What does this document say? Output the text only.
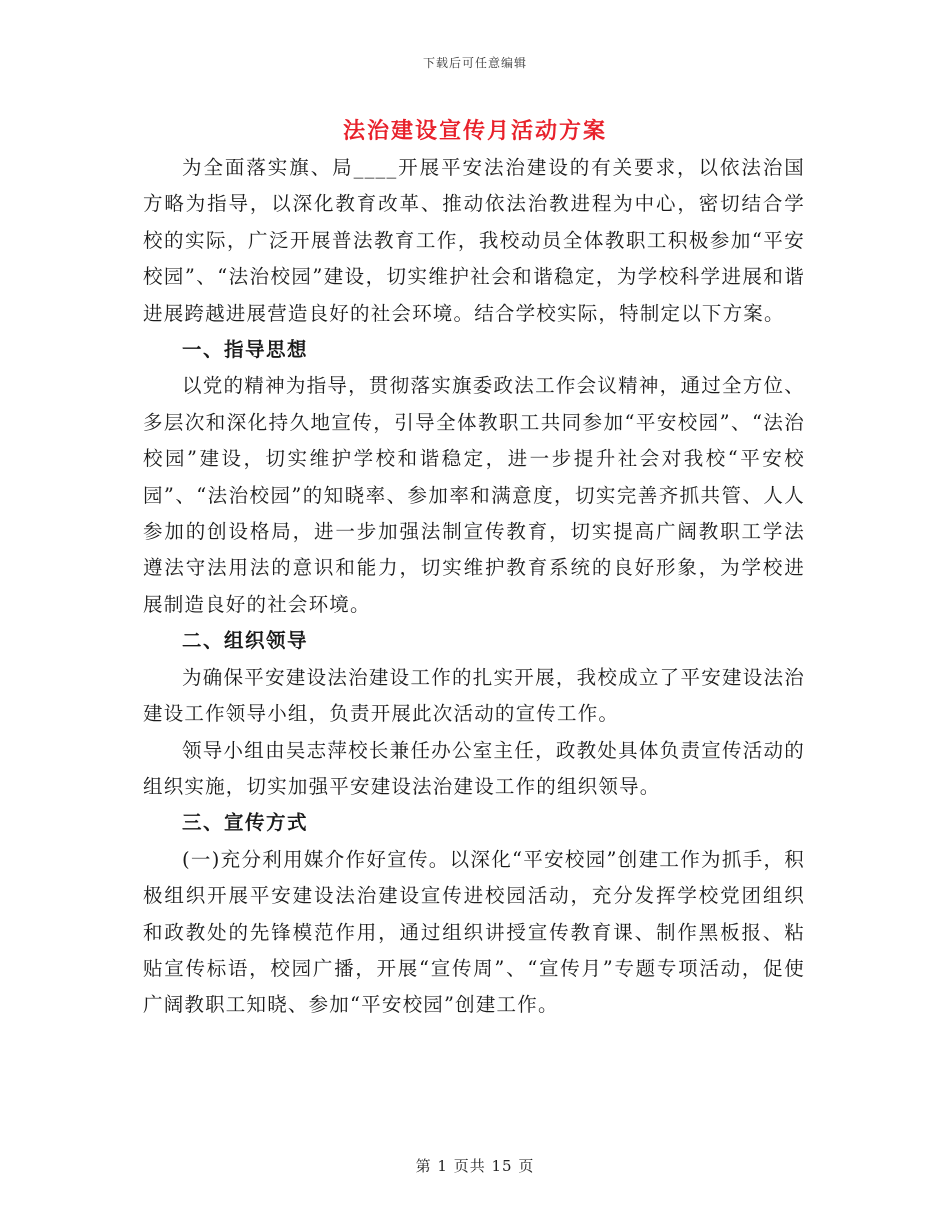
下载后可任意编辑
法治建设宣传月活动方案

为全面落实旗、局____开展平安法治建设的有关要求，以依法治国方略为指导，以深化教育改革、推动依法治教进程为中心，密切结合学校的实际，广泛开展普法教育工作，我校动员全体教职工积极参加“平安校园”、“法治校园”建设，切实维护社会和谐稳定，为学校科学进展和谐进展跨越进展营造良好的社会环境。结合学校实际，特制定以下方案。

一、指导思想

以党的精神为指导，贯彻落实旗委政法工作会议精神，通过全方位、多层次和深化持久地宣传，引导全体教职工共同参加“平安校园”、“法治校园”建设，切实维护学校和谐稳定，进一步提升社会对我校“平安校园”、“法治校园”的知晓率、参加率和满意度，切实完善齐抓共管、人人参加的创设格局，进一步加强法制宣传教育，切实提高广阔教职工学法遵法守法用法的意识和能力，切实维护教育系统的良好形象，为学校进展制造良好的社会环境。

二、组织领导

为确保平安建设法治建设工作的扎实开展，我校成立了平安建设法治建设工作领导小组，负责开展此次活动的宣传工作。

领导小组由吴志萍校长兼任办公室主任，政教处具体负责宣传活动的组织实施，切实加强平安建设法治建设工作的组织领导。

三、宣传方式

(一)充分利用媒介作好宣传。以深化“平安校园”创建工作为抓手，积极组织开展平安建设法治建设宣传进校园活动，充分发挥学校党团组织和政教处的先锋模范作用，通过组织讲授宣传教育课、制作黑板报、粘贴宣传标语，校园广播，开展“宣传周”、“宣传月”专题专项活动，促使广阔教职工知晓、参加“平安校园”创建工作。

第 1 页共 15 页
